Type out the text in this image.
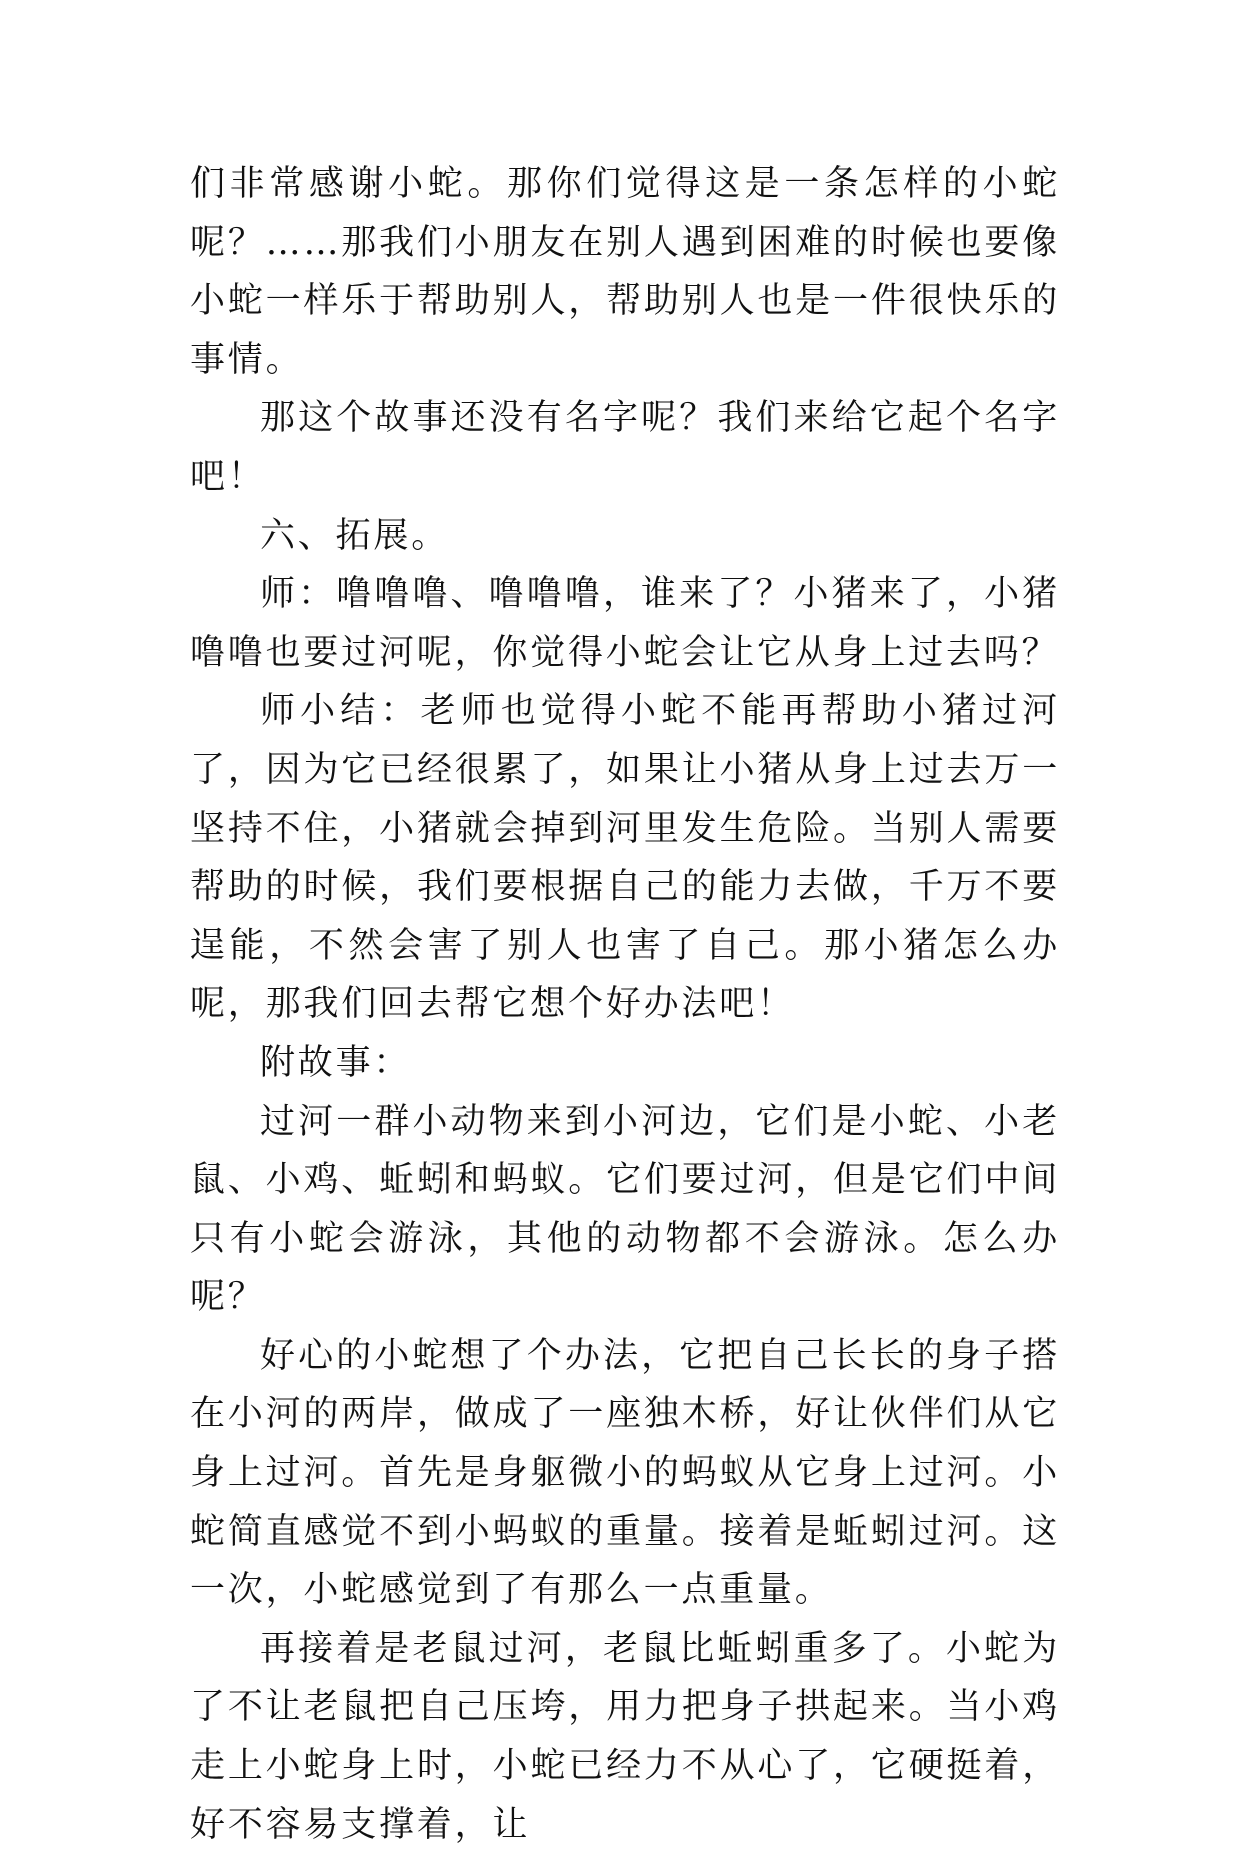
们非常感谢小蛇。那你们觉得这是一条怎样的小蛇呢？……那我们小朋友在别人遇到困难的时候也要像小蛇一样乐于帮助别人，帮助别人也是一件很快乐的事情。

那这个故事还没有名字呢？我们来给它起个名字吧！

六、拓展。

师：噜噜噜、噜噜噜，谁来了？小猪来了，小猪噜噜也要过河呢，你觉得小蛇会让它从身上过去吗？

师小结：老师也觉得小蛇不能再帮助小猪过河了，因为它已经很累了，如果让小猪从身上过去万一坚持不住，小猪就会掉到河里发生危险。当别人需要帮助的时候，我们要根据自己的能力去做，千万不要逞能，不然会害了别人也害了自己。那小猪怎么办呢，那我们回去帮它想个好办法吧！

附故事：

过河一群小动物来到小河边，它们是小蛇、小老鼠、小鸡、蚯蚓和蚂蚁。它们要过河，但是它们中间只有小蛇会游泳，其他的动物都不会游泳。怎么办呢？

好心的小蛇想了个办法，它把自己长长的身子搭在小河的两岸，做成了一座独木桥，好让伙伴们从它身上过河。首先是身躯微小的蚂蚁从它身上过河。小蛇简直感觉不到小蚂蚁的重量。接着是蚯蚓过河。这一次，小蛇感觉到了有那么一点重量。

再接着是老鼠过河，老鼠比蚯蚓重多了。小蛇为了不让老鼠把自己压垮，用力把身子拱起来。当小鸡走上小蛇身上时，小蛇已经力不从心了，它硬挺着，好不容易支撑着，让
